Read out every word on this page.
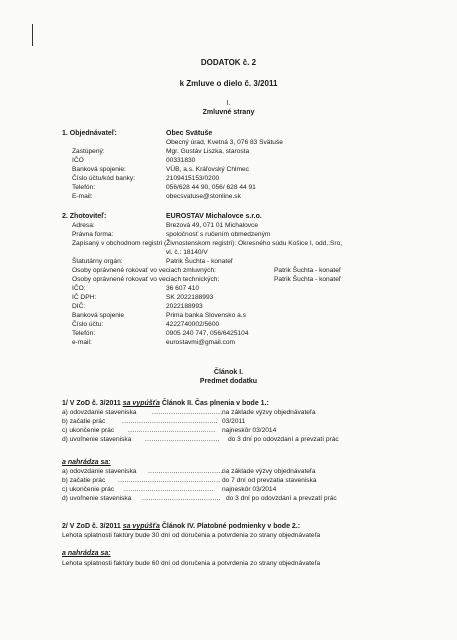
DODATOK č. 2
k Zmluve o dielo č. 3/2011
I.
Zmluvné strany
1. Objednávateľ:	Obec Svätuše
Obecný úrad, Kvetná 3, 076 83 Svätuše
Zastúpený:	Mgr. Gustáv Liszka, starosta
IČO	00331830
Banková spojenie:	VÚB, a.s. Kráľovský Chlmec
Číslo účtu/kód banky:	2109415153/0200
Telefón:	056/628 44 90, 056/ 628 44 91
E-mail:	obecsvatuse@stonline.sk
2. Zhotoviteľ:	EUROSTAV Michalovce s.r.o.
Adresa:	Brezová 49, 071 01 Michalovce
Právna forma:	spoločnosť s ručením obmedzeným
Zapísaný v obchodnom registri (Živnostenskom registri): Okresného súdu Košice I, odd.:Sro,
vl. č.: 18140/V
Štatutárny orgán:	Patrik Šuchta - konateľ
Osoby oprávnené rokovať vo veciach zmluvných:	Patrik Šuchta - konateľ
Osoby oprávnené rokovať vo veciach technických:	Patrik Šuchta - konateľ
IČO:	36 607 410
IČ DPH:	SK 2022188993
DIČ:	2022188993
Banková spojenie	Prima banka Slovensko a.s
Číslo účtu:	4222740002/5600
Telefón:	0905 240 747, 056/6425104
e-mail:	eurostavmi@gmail.com
Článok I.
Predmet dodatku
1/ V ZoD č. 3/2011 sa vypúšťa Článok II. Čas plnenia v bode 1.:
a) odovzdanie staveniska ................................. na základe výzvy objednávateľa
b) začatie prác	............................................. 03/2011
c) ukončenie prác ......................................... najneskôr 03/2014
d) uvoľnenie staveniska ................................... do 3 dní po odovzdaní a prevzatí prác
a nahrádza sa:
a) odovzdanie staveniska ....................................
na základe výzvy objednávateľa
b) začatie prác ................................................ do 7 dní od prevzatia staveniska
c) ukončenie prác .......................................... najneskôr 03/2014
d) uvoľnenie staveniska ..................................... do 3 dní po odovzdaní a prevzatí prác
2/ V ZoD č. 3/2011 sa vypúšťa Článok IV. Platobné podmienky v bode 2.:
Lehota splatnosti faktúry bude 30 dní od doručenia a potvrdenia zo strany objednávateľa
a nahrádza sa:
Lehota splatnosti faktúry bude 60 dní od doručenia a potvrdenia zo strany objednávateľa
